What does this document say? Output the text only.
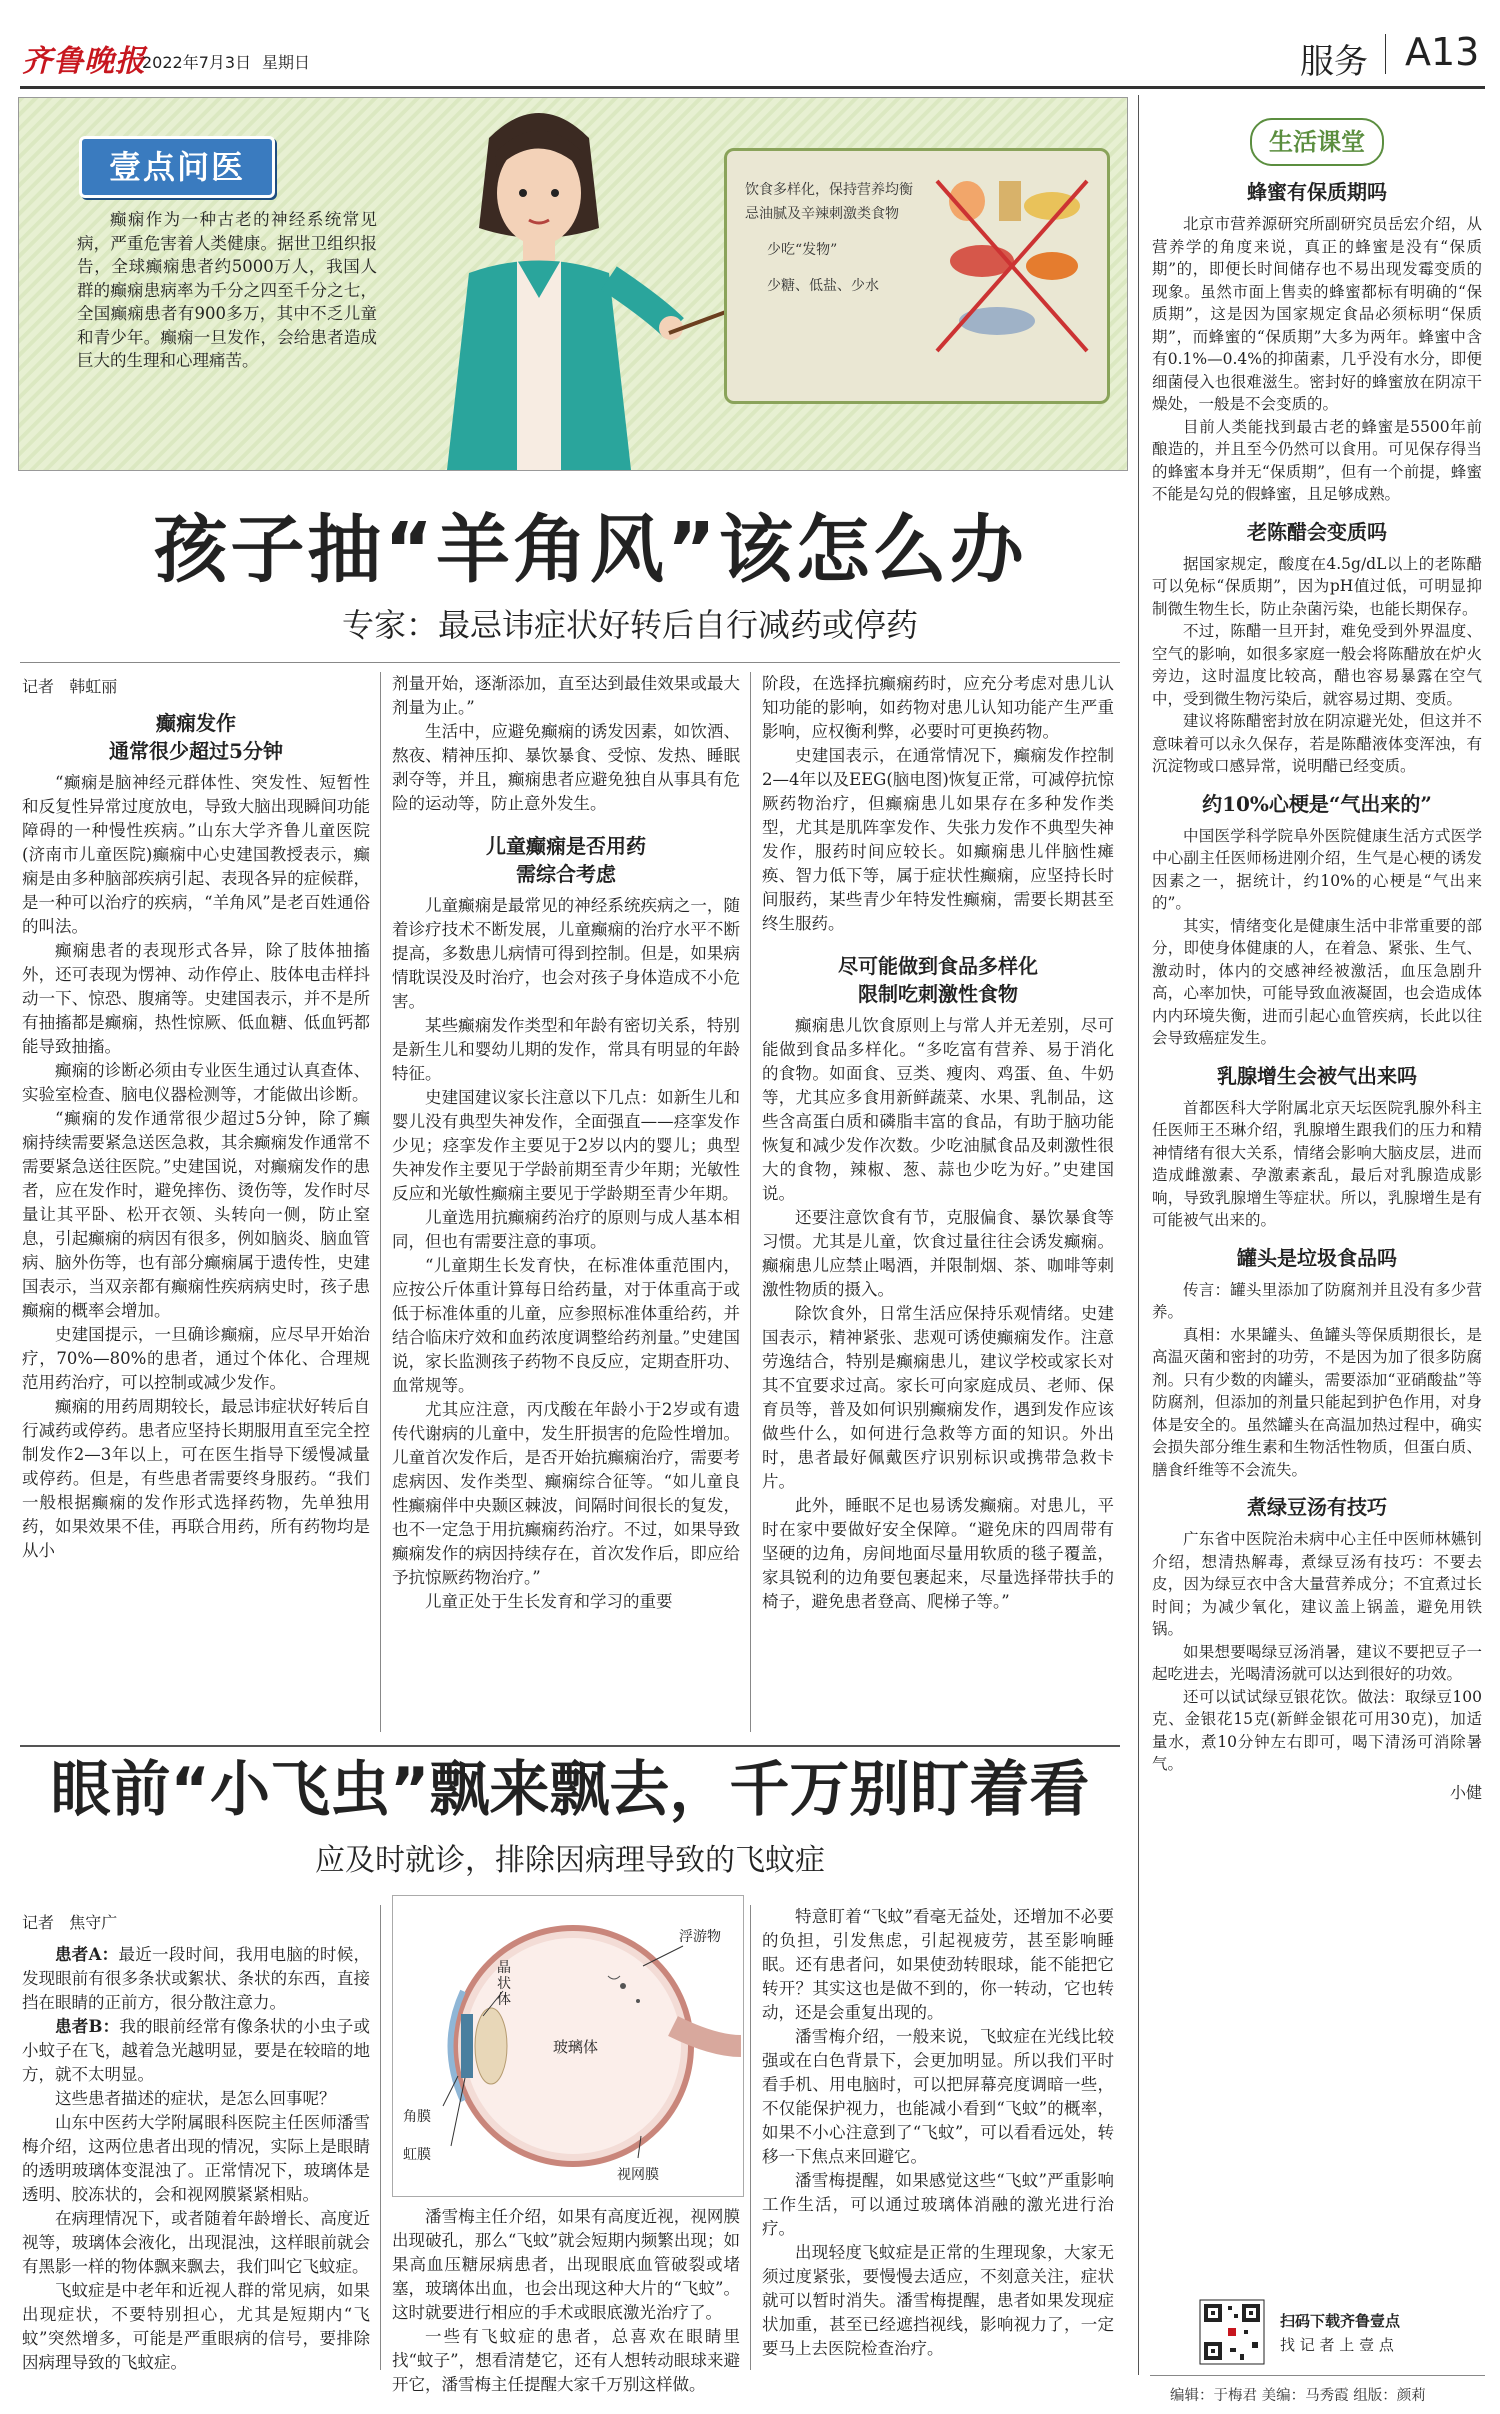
齐鲁晚报
2022年7月3日 星期日	服务 A13
壹点问医
癫痫作为一种古老的神经系统常见病，严重危害着人类健康。据世卫组织报告，全球癫痫患者约5000万人，我国人群的癫痫患病率为千分之四至千分之七，全国癫痫患者有900多万，其中不乏儿童和青少年。癫痫一旦发作，会给患者造成巨大的生理和心理痛苦。
饮食多样化，保持营养均衡
忌油腻及辛辣刺激类食物
少吃“发物”
少糖、低盐、少水
孩子抽“羊角风”该怎么办
专家：最忌讳症状好转后自行减药或停药
记者 韩虹丽
癫痫发作
通常很少超过5分钟

“癫痫是脑神经元群体性、突发性、短暂性和反复性异常过度放电，导致大脑出现瞬间功能障碍的一种慢性疾病。”山东大学齐鲁儿童医院(济南市儿童医院)癫痫中心史建国教授表示，癫痫是由多种脑部疾病引起、表现各异的症候群，是一种可以治疗的疾病，“羊角风”是老百姓通俗的叫法。

癫痫患者的表现形式各异，除了肢体抽搐外，还可表现为愣神、动作停止、肢体电击样抖动一下、惊恐、腹痛等。史建国表示，并不是所有抽搐都是癫痫，热性惊厥、低血糖、低血钙都能导致抽搐。

癫痫的诊断必须由专业医生通过认真查体、实验室检查、脑电仪器检测等，才能做出诊断。

“癫痫的发作通常很少超过5分钟，除了癫痫持续需要紧急送医急救，其余癫痫发作通常不需要紧急送往医院。”史建国说，对癫痫发作的患者，应在发作时，避免摔伤、烫伤等，发作时尽量让其平卧、松开衣领、头转向一侧，防止窒息，引起癫痫的病因有很多，例如脑炎、脑血管病、脑外伤等，也有部分癫痫属于遗传性，史建国表示，当双亲都有癫痫性疾病病史时，孩子患癫痫的概率会增加。

史建国提示，一旦确诊癫痫，应尽早开始治疗，70%—80%的患者，通过个体化、合理规范用药治疗，可以控制或减少发作。

癫痫的用药周期较长，最忌讳症状好转后自行减药或停药。患者应坚持长期服用直至完全控制发作2—3年以上，可在医生指导下缓慢减量或停药。但是，有些患者需要终身服药。“我们一般根据癫痫的发作形式选择药物，先单独用药，如果效果不佳，再联合用药，所有药物均是从小

剂量开始，逐渐添加，直至达到最佳效果或最大剂量为止。”

生活中，应避免癫痫的诱发因素，如饮酒、熬夜、精神压抑、暴饮暴食、受惊、发热、睡眠剥夺等，并且，癫痫患者应避免独自从事具有危险的运动等，防止意外发生。

儿童癫痫是否用药
需综合考虑

儿童癫痫是最常见的神经系统疾病之一，随着诊疗技术不断发展，儿童癫痫的治疗水平不断提高，多数患儿病情可得到控制。但是，如果病情耽误没及时治疗，也会对孩子身体造成不小危害。

某些癫痫发作类型和年龄有密切关系，特别是新生儿和婴幼儿期的发作，常具有明显的年龄特征。

史建国建议家长注意以下几点：如新生儿和婴儿没有典型失神发作，全面强直——痉挛发作少见；痉挛发作主要见于2岁以内的婴儿；典型失神发作主要见于学龄前期至青少年期；光敏性反应和光敏性癫痫主要见于学龄期至青少年期。

儿童选用抗癫痫药治疗的原则与成人基本相同，但也有需要注意的事项。

“儿童期生长发育快，在标准体重范围内，应按公斤体重计算每日给药量，对于体重高于或低于标准体重的儿童，应参照标准体重给药，并结合临床疗效和血药浓度调整给药剂量。”史建国说，家长监测孩子药物不良反应，定期查肝功、血常规等。

尤其应注意，丙戊酸在年龄小于2岁或有遗传代谢病的儿童中，发生肝损害的危险性增加。儿童首次发作后，是否开始抗癫痫治疗，需要考虑病因、发作类型、癫痫综合征等。“如儿童良性癫痫伴中央颞区棘波，间隔时间很长的复发，也不一定急于用抗癫痫药治疗。不过，如果导致癫痫发作的病因持续存在，首次发作后，即应给予抗惊厥药物治疗。”

儿童正处于生长发育和学习的重要

阶段，在选择抗癫痫药时，应充分考虑对患儿认知功能的影响，如药物对患儿认知功能产生严重影响，应权衡利弊，必要时可更换药物。

史建国表示，在通常情况下，癫痫发作控制2—4年以及EEG(脑电图)恢复正常，可减停抗惊厥药物治疗，但癫痫患儿如果存在多种发作类型，尤其是肌阵挛发作、失张力发作不典型失神发作，服药时间应较长。如癫痫患儿伴脑性瘫痪、智力低下等，属于症状性癫痫，应坚持长时间服药，某些青少年特发性癫痫，需要长期甚至终生服药。

尽可能做到食品多样化
限制吃刺激性食物

癫痫患儿饮食原则上与常人并无差别，尽可能做到食品多样化。“多吃富有营养、易于消化的食物。如面食、豆类、瘦肉、鸡蛋、鱼、牛奶等，尤其应多食用新鲜蔬菜、水果、乳制品，这些含高蛋白质和磷脂丰富的食品，有助于脑功能恢复和减少发作次数。少吃油腻食品及刺激性很大的食物，辣椒、葱、蒜也少吃为好。”史建国说。

还要注意饮食有节，克服偏食、暴饮暴食等习惯。尤其是儿童，饮食过量往往会诱发癫痫。癫痫患儿应禁止喝酒，并限制烟、茶、咖啡等刺激性物质的摄入。

除饮食外，日常生活应保持乐观情绪。史建国表示，精神紧张、悲观可诱使癫痫发作。注意劳逸结合，特别是癫痫患儿，建议学校或家长对其不宜要求过高。家长可向家庭成员、老师、保育员等，普及如何识别癫痫发作，遇到发作应该做些什么，如何进行急救等方面的知识。外出时，患者最好佩戴医疗识别标识或携带急救卡片。

此外，睡眠不足也易诱发癫痫。对患儿，平时在家中要做好安全保障。“避免床的四周带有坚硬的边角，房间地面尽量用软质的毯子覆盖，家具锐利的边角要包裹起来，尽量选择带扶手的椅子，避免患者登高、爬梯子等。”

眼前“小飞虫”飘来飘去，千万别盯着看
应及时就诊，排除因病理导致的飞蚊症
记者 焦守广

患者A：最近一段时间，我用电脑的时候，发现眼前有很多条状或絮状、条状的东西，直接挡在眼睛的正前方，很分散注意力。

患者B：我的眼前经常有像条状的小虫子或小蚊子在飞，越着急光越明显，要是在较暗的地方，就不太明显。

这些患者描述的症状，是怎么回事呢？

山东中医药大学附属眼科医院主任医师潘雪梅介绍，这两位患者出现的情况，实际上是眼睛的透明玻璃体变混浊了。正常情况下，玻璃体是透明、胶冻状的，会和视网膜紧紧相贴。

在病理情况下，或者随着年龄增长、高度近视等，玻璃体会液化，出现混浊，这样眼前就会有黑影一样的物体飘来飘去，我们叫它飞蚊症。

飞蚊症是中老年和近视人群的常见病，如果出现症状，不要特别担心，尤其是短期内“飞蚊”突然增多，可能是严重眼病的信号，要排除因病理导致的飞蚊症。

浮游物
晶状体
玻璃体
角膜
虹膜
视网膜

潘雪梅主任介绍，如果有高度近视，视网膜出现破孔，那么“飞蚊”就会短期内频繁出现；如果高血压糖尿病患者，出现眼底血管破裂或堵塞，玻璃体出血，也会出现这种大片的“飞蚊”。这时就要进行相应的手术或眼底激光治疗了。

一些有飞蚊症的患者，总喜欢在眼睛里找“蚊子”，想看清楚它，还有人想转动眼球来避开它，潘雪梅主任提醒大家千万别这样做。

特意盯着“飞蚊”看毫无益处，还增加不必要的负担，引发焦虑，引起视疲劳，甚至影响睡眠。还有患者问，如果使劲转眼球，能不能把它转开？其实这也是做不到的，你一转动，它也转动，还是会重复出现的。

潘雪梅介绍，一般来说，飞蚊症在光线比较强或在白色背景下，会更加明显。所以我们平时看手机、用电脑时，可以把屏幕亮度调暗一些，不仅能保护视力，也能减小看到“飞蚊”的概率，如果不小心注意到了“飞蚊”，可以看看远处，转移一下焦点来回避它。

潘雪梅提醒，如果感觉这些“飞蚊”严重影响工作生活，可以通过玻璃体消融的激光进行治疗。

出现轻度飞蚊症是正常的生理现象，大家无须过度紧张，要慢慢去适应，不刻意关注，症状就可以暂时消失。潘雪梅提醒，患者如果发现症状加重，甚至已经遮挡视线，影响视力了，一定要马上去医院检查治疗。

生活课堂
蜂蜜有保质期吗

北京市营养源研究所副研究员岳宏介绍，从营养学的角度来说，真正的蜂蜜是没有“保质期”的，即便长时间储存也不易出现发霉变质的现象。虽然市面上售卖的蜂蜜都标有明确的“保质期”，这是因为国家规定食品必须标明“保质期”，而蜂蜜的“保质期”大多为两年。蜂蜜中含有0.1%—0.4%的抑菌素，几乎没有水分，即便细菌侵入也很难滋生。密封好的蜂蜜放在阴凉干燥处，一般是不会变质的。

目前人类能找到最古老的蜂蜜是5500年前酿造的，并且至今仍然可以食用。可见保存得当的蜂蜜本身并无“保质期”，但有一个前提，蜂蜜不能是勾兑的假蜂蜜，且足够成熟。

老陈醋会变质吗

据国家规定，酸度在4.5g/dL以上的老陈醋可以免标“保质期”，因为pH值过低，可明显抑制微生物生长，防止杂菌污染，也能长期保存。

不过，陈醋一旦开封，难免受到外界温度、空气的影响，如很多家庭一般会将陈醋放在炉火旁边，这时温度比较高，醋也容易暴露在空气中，受到微生物污染后，就容易过期、变质。

建议将陈醋密封放在阴凉避光处，但这并不意味着可以永久保存，若是陈醋液体变浑浊，有沉淀物或口感异常，说明醋已经变质。

约10%心梗是“气出来的”

中国医学科学院阜外医院健康生活方式医学中心副主任医师杨进刚介绍，生气是心梗的诱发因素之一，据统计，约10%的心梗是“气出来的”。

其实，情绪变化是健康生活中非常重要的部分，即使身体健康的人，在着急、紧张、生气、激动时，体内的交感神经被激活，血压急剧升高，心率加快，可能导致血液凝固，也会造成体内内环境失衡，进而引起心血管疾病，长此以往会导致癌症发生。

乳腺增生会被气出来吗

首都医科大学附属北京天坛医院乳腺外科主任医师王丕琳介绍，乳腺增生跟我们的压力和精神情绪有很大关系，情绪会影响大脑皮层，进而造成雌激素、孕激素紊乱，最后对乳腺造成影响，导致乳腺增生等症状。所以，乳腺增生是有可能被气出来的。

罐头是垃圾食品吗

传言：罐头里添加了防腐剂并且没有多少营养。

真相：水果罐头、鱼罐头等保质期很长，是高温灭菌和密封的功劳，不是因为加了很多防腐剂。只有少数的肉罐头，需要添加“亚硝酸盐”等防腐剂，但添加的剂量只能起到护色作用，对身体是安全的。虽然罐头在高温加热过程中，确实会损失部分维生素和生物活性物质，但蛋白质、膳食纤维等不会流失。

煮绿豆汤有技巧

广东省中医院治未病中心主任中医师林嬿钊介绍，想清热解毒，煮绿豆汤有技巧：不要去皮，因为绿豆衣中含大量营养成分；不宜煮过长时间；为减少氧化，建议盖上锅盖，避免用铁锅。

如果想要喝绿豆汤消暑，建议不要把豆子一起吃进去，光喝清汤就可以达到很好的功效。

还可以试试绿豆银花饮。做法：取绿豆100克、金银花15克(新鲜金银花可用30克)，加适量水，煮10分钟左右即可，喝下清汤可消除暑气。

小健
扫码下载齐鲁壹点
找 记 者 上 壹 点
编辑：于梅君 美编：马秀霞 组版：颜莉
